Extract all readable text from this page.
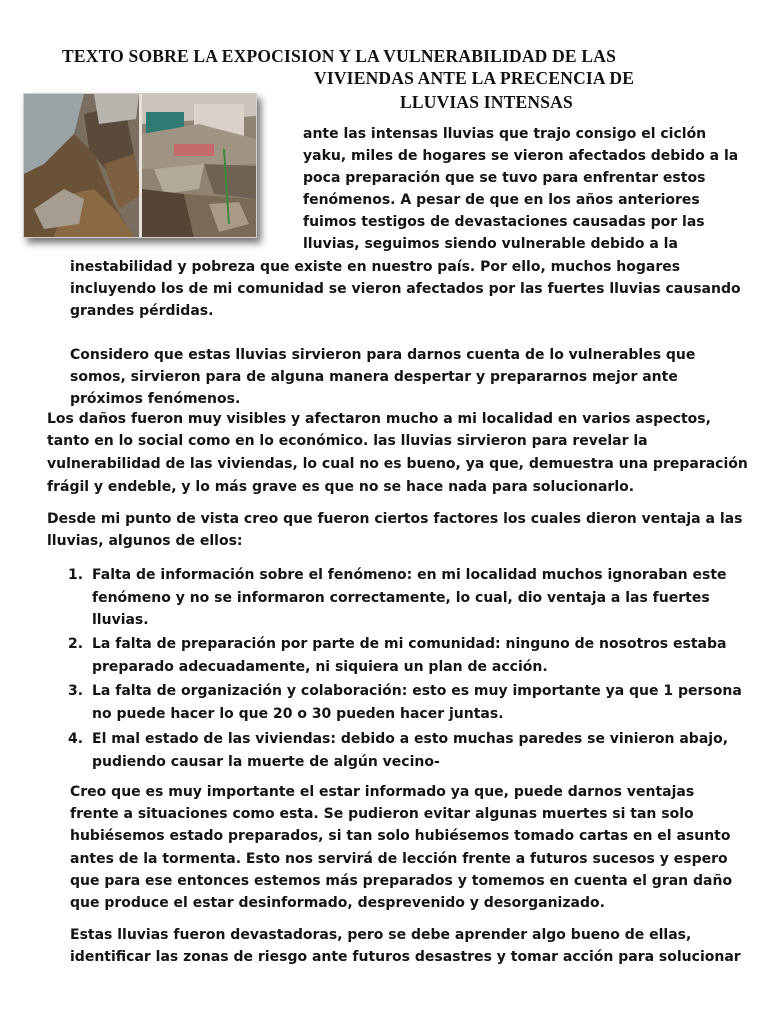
TEXTO SOBRE LA EXPOCISION Y LA VULNERABILIDAD DE LAS
VIVIENDAS ANTE LA PRECENCIA DE
LLUVIAS INTENSAS

ante las intensas lluvias que trajo consigo el ciclón

yaku, miles de hogares se vieron afectados debido a la

poca preparación que se tuvo para enfrentar estos

fenómenos. A pesar de que en los años anteriores

fuimos testigos de devastaciones causadas por las

lluvias, seguimos siendo vulnerable debido a la

inestabilidad y pobreza que existe en nuestro país. Por ello, muchos hogares

incluyendo los de mi comunidad se vieron afectados por las fuertes lluvias causando

grandes pérdidas.

Considero que estas lluvias sirvieron para darnos cuenta de lo vulnerables que

somos, sirvieron para de alguna manera despertar y prepararnos mejor ante

próximos fenómenos.

Los daños fueron muy visibles y afectaron mucho a mi localidad en varios aspectos,

tanto en lo social como en lo económico. las lluvias sirvieron para revelar la

vulnerabilidad de las viviendas, lo cual no es bueno, ya que, demuestra una preparación

frágil y endeble, y lo más grave es que no se hace nada para solucionarlo.

Desde mi punto de vista creo que fueron ciertos factores los cuales dieron ventaja a las

lluvias, algunos de ellos:

1. Falta de información sobre el fenómeno: en mi localidad muchos ignoraban este

fenómeno y no se informaron correctamente, lo cual, dio ventaja a las fuertes

lluvias.

2. La falta de preparación por parte de mi comunidad: ninguno de nosotros estaba

preparado adecuadamente, ni siquiera un plan de acción.

3. La falta de organización y colaboración: esto es muy importante ya que 1 persona

no puede hacer lo que 20 o 30 pueden hacer juntas.

4. El mal estado de las viviendas: debido a esto muchas paredes se vinieron abajo,

pudiendo causar la muerte de algún vecino-

Creo que es muy importante el estar informado ya que, puede darnos ventajas

frente a situaciones como esta. Se pudieron evitar algunas muertes si tan solo

hubiésemos estado preparados, si tan solo hubiésemos tomado cartas en el asunto

antes de la tormenta. Esto nos servirá de lección frente a futuros sucesos y espero

que para ese entonces estemos más preparados y tomemos en cuenta el gran daño

que produce el estar desinformado, desprevenido y desorganizado.

Estas lluvias fueron devastadoras, pero se debe aprender algo bueno de ellas,

identificar las zonas de riesgo ante futuros desastres y tomar acción para solucionar
